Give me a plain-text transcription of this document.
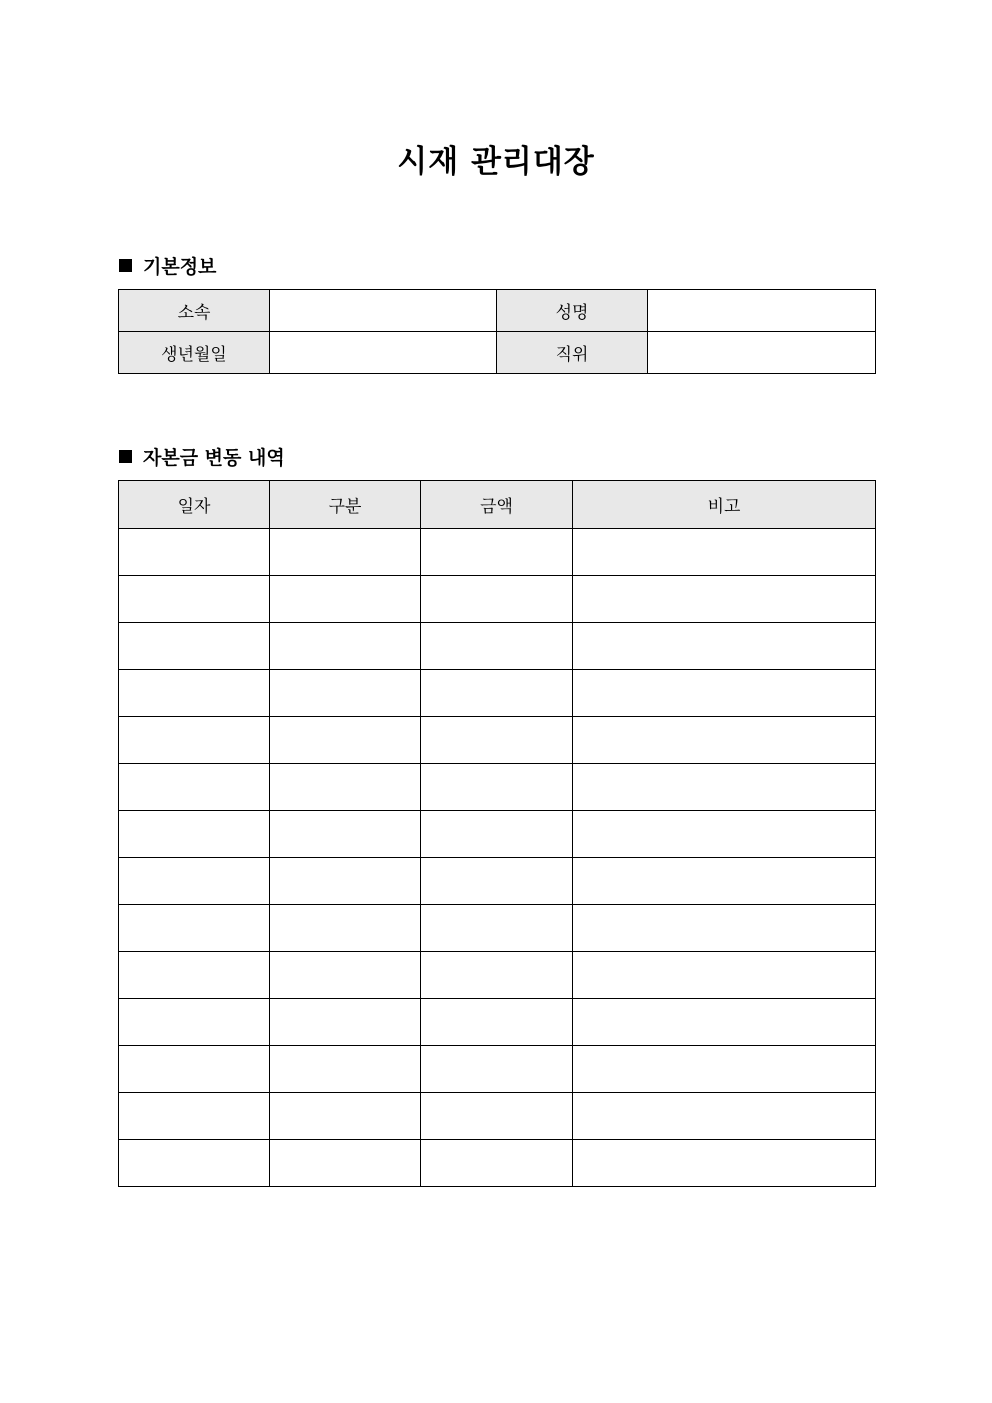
시재 관리대장
기본정보
소속		성명	
생년월일		직위	
자본금 변동 내역
일자	구분	금액	비고
